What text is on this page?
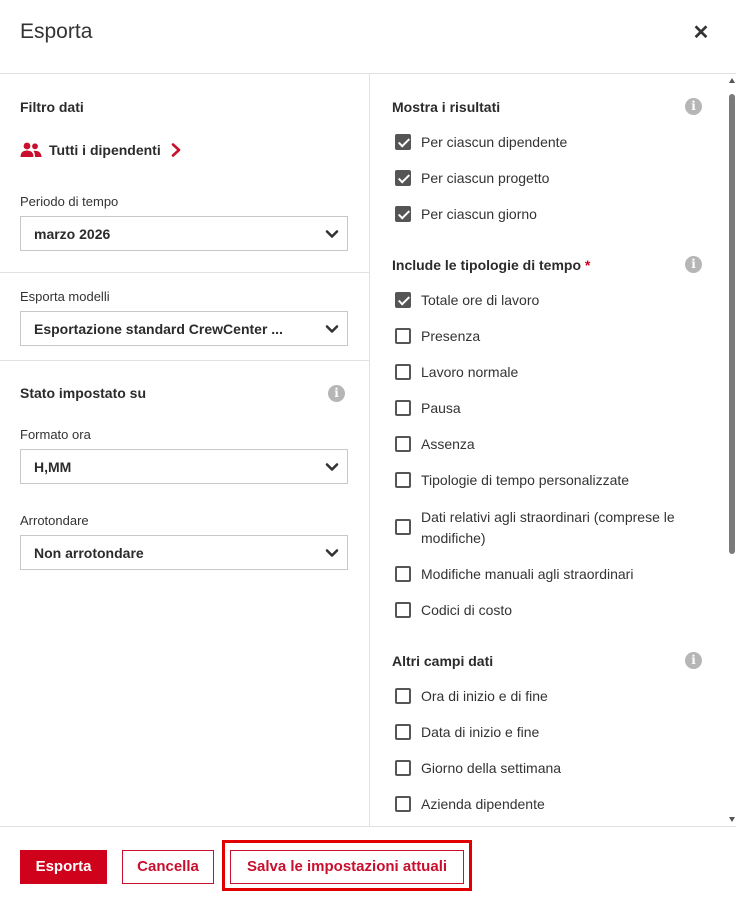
Esporta	✕
Filtro dati
Tutti i dipendenti
Periodo di tempo
marzo 2026
Esporta modelli
Esportazione standard CrewCenter ...
Stato impostato su	i
Formato ora
H,MM
Arrotondare
Non arrotondare
Mostra i risultati	i
Per ciascun dipendente
Per ciascun progetto
Per ciascun giorno
Include le tipologie di tempo *	i
Totale ore di lavoro
Presenza
Lavoro normale
Pausa
Assenza
Tipologie di tempo personalizzate
Dati relativi agli straordinari (comprese le modifiche)
Modifiche manuali agli straordinari
Codici di costo
Altri campi dati	i
Ora di inizio e di fine
Data di inizio e fine
Giorno della settimana
Azienda dipendente
Esporta	Cancella	Salva le impostazioni attuali
